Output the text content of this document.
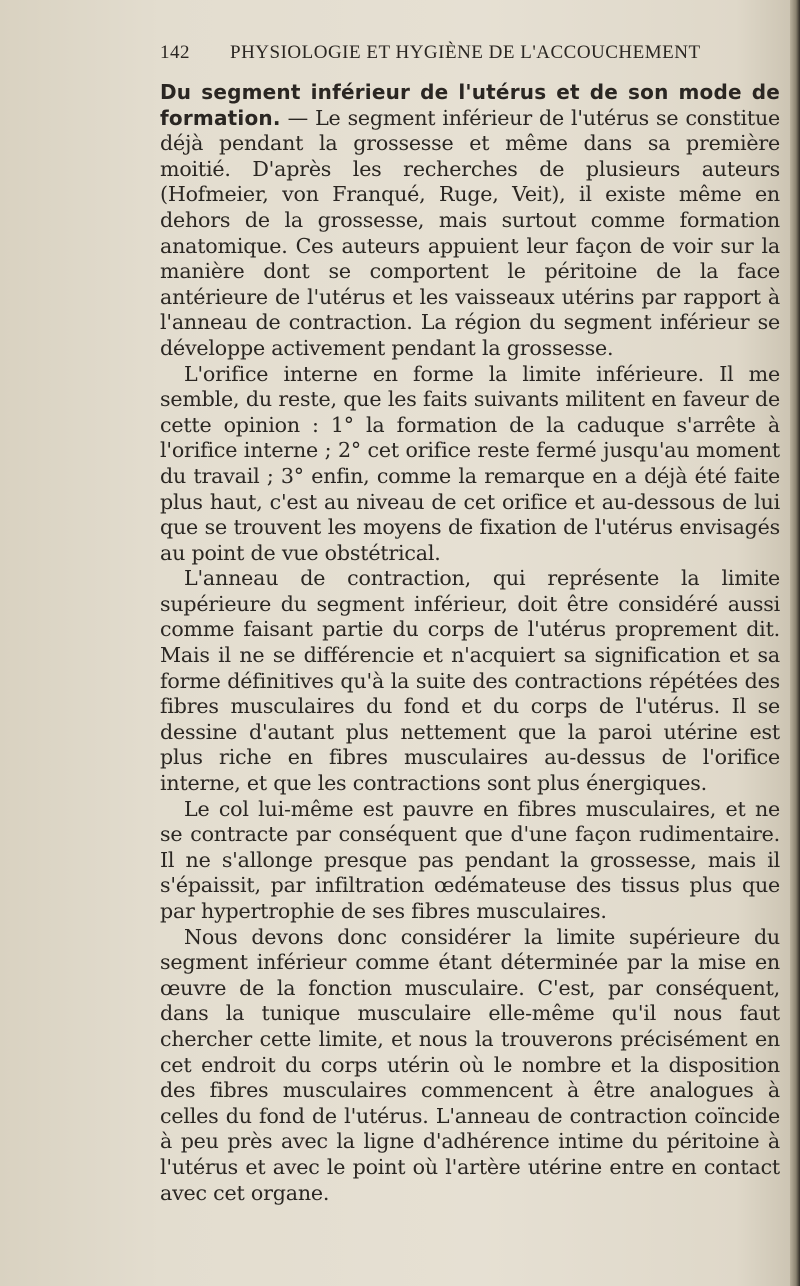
142 PHYSIOLOGIE ET HYGIÈNE DE L'ACCOUCHEMENT

Du segment inférieur de l'utérus et de son mode de formation. — Le segment inférieur de l'utérus se constitue déjà pendant la grossesse et même dans sa première moitié. D'après les recherches de plusieurs auteurs (Hofmeier, von Franqué, Ruge, Veit), il existe même en dehors de la grossesse, mais surtout comme formation anatomique. Ces auteurs appuient leur façon de voir sur la manière dont se comportent le péritoine de la face antérieure de l'utérus et les vaisseaux utérins par rapport à l'anneau de contraction. La région du segment inférieur se développe activement pendant la grossesse.

L'orifice interne en forme la limite inférieure. Il me semble, du reste, que les faits suivants militent en faveur de cette opinion : 1° la formation de la caduque s'arrête à l'orifice interne ; 2° cet orifice reste fermé jusqu'au moment du travail ; 3° enfin, comme la remarque en a déjà été faite plus haut, c'est au niveau de cet orifice et au-dessous de lui que se trouvent les moyens de fixation de l'utérus envisagés au point de vue obstétrical.

L'anneau de contraction, qui représente la limite supérieure du segment inférieur, doit être considéré aussi comme faisant partie du corps de l'utérus proprement dit. Mais il ne se différencie et n'acquiert sa signification et sa forme définitives qu'à la suite des contractions répétées des fibres musculaires du fond et du corps de l'utérus. Il se dessine d'autant plus nettement que la paroi utérine est plus riche en fibres musculaires au-dessus de l'orifice interne, et que les contractions sont plus énergiques.

Le col lui-même est pauvre en fibres musculaires, et ne se contracte par conséquent que d'une façon rudimentaire. Il ne s'allonge presque pas pendant la grossesse, mais il s'épaissit, par infiltration œdémateuse des tissus plus que par hypertrophie de ses fibres musculaires.

Nous devons donc considérer la limite supérieure du segment inférieur comme étant déterminée par la mise en œuvre de la fonction musculaire. C'est, par conséquent, dans la tunique musculaire elle-même qu'il nous faut chercher cette limite, et nous la trouverons précisément en cet endroit du corps utérin où le nombre et la disposition des fibres musculaires commencent à être analogues à celles du fond de l'utérus. L'anneau de contraction coïncide à peu près avec la ligne d'adhérence intime du péritoine à l'utérus et avec le point où l'artère utérine entre en contact avec cet organe.
